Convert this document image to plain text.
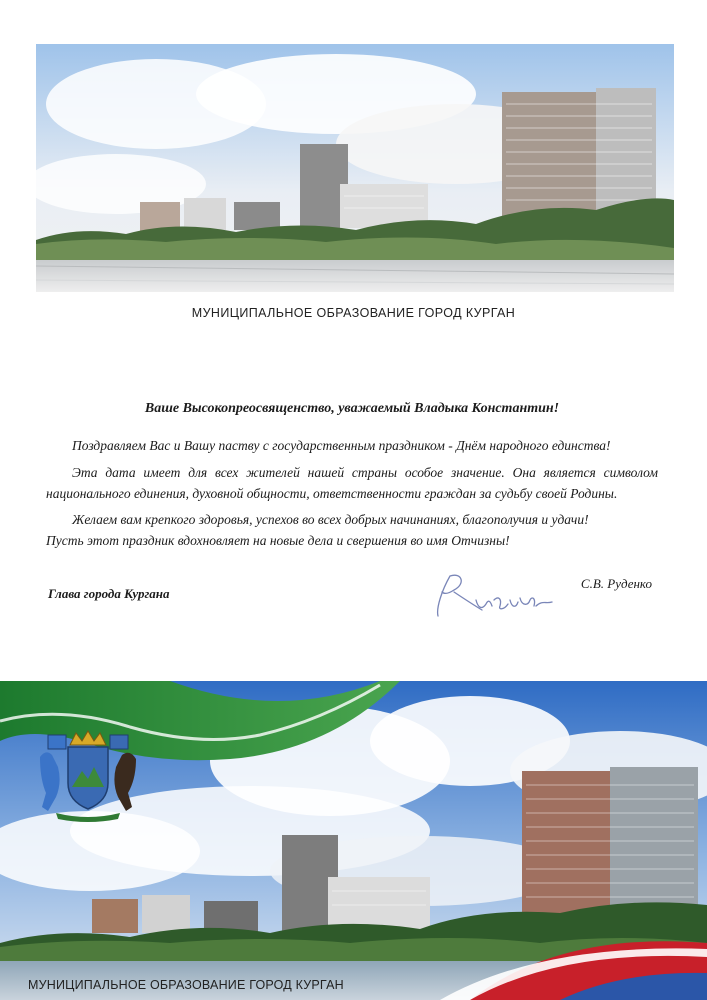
МУНИЦИПАЛЬНОЕ ОБРАЗОВАНИЕ ГОРОД КУРГАН
Ваше Высокопреосвященство, уважаемый Владыка Константин!

Поздравляем Вас и Вашу паству с государственным праздником - Днём народного единства!

Эта дата имеет для всех жителей нашей страны особое значение. Она является символом национального единения, духовной общности, ответственности граждан за судьбу своей Родины.

Желаем вам крепкого здоровья, успехов во всех добрых начинаниях, благополучия и удачи!

Пусть этот праздник вдохновляет на новые дела и свершения во имя Отчизны!

Глава города Кургана
С.В. Руденко
МУНИЦИПАЛЬНОЕ ОБРАЗОВАНИЕ ГОРОД КУРГАН
